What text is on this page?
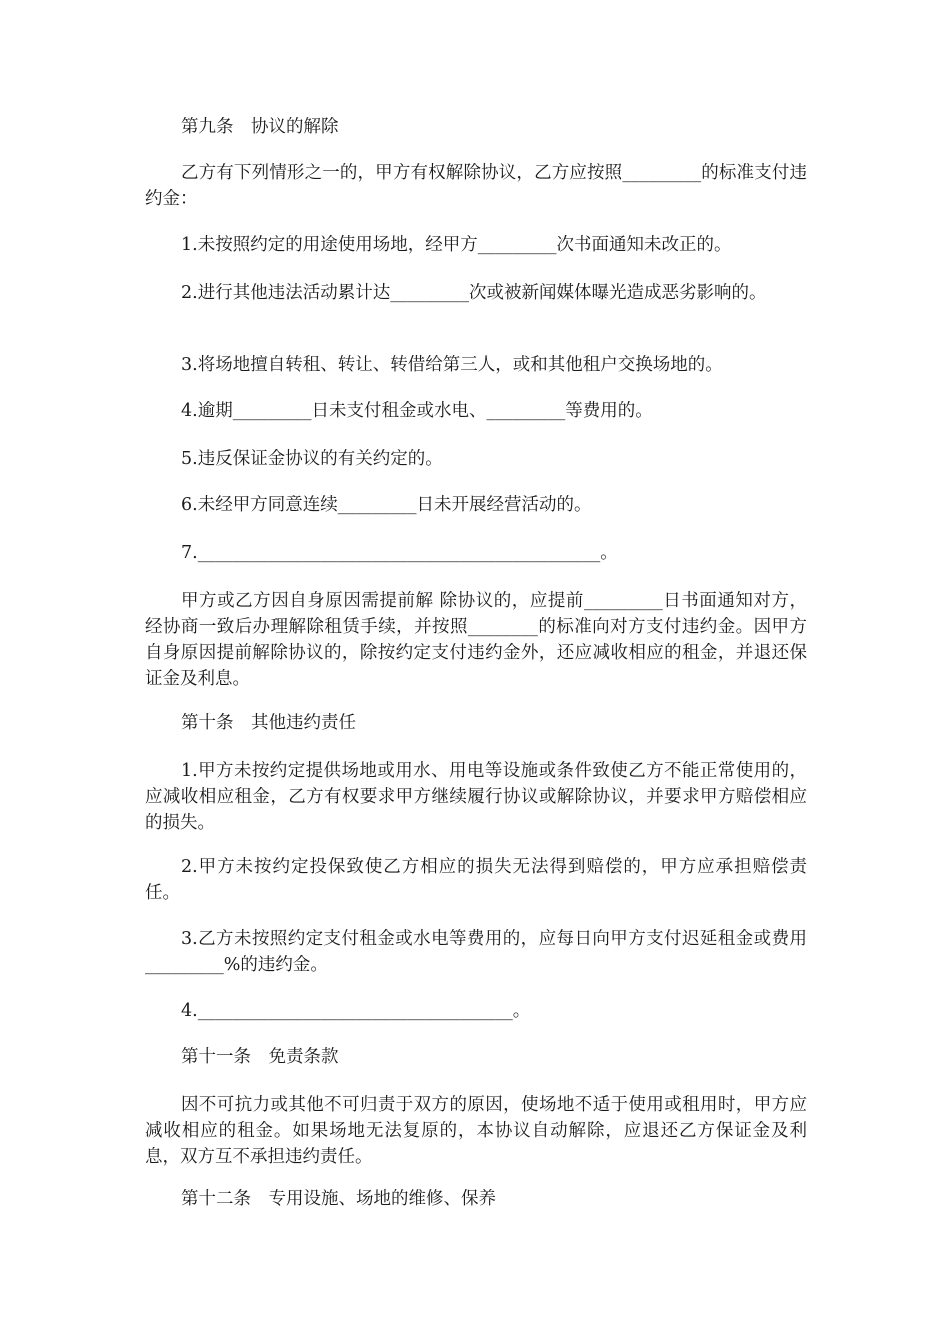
第九条　协议的解除

乙方有下列情形之一的，甲方有权解除协议，乙方应按照_________的标准支付违约金：

1.未按照约定的用途使用场地，经甲方_________次书面通知未改正的。

2.进行其他违法活动累计达_________次或被新闻媒体曝光造成恶劣影响的。

3.将场地擅自转租、转让、转借给第三人，或和其他租户交换场地的。

4.逾期_________日未支付租金或水电、_________等费用的。

5.违反保证金协议的有关约定的。

6.未经甲方同意连续_________日未开展经营活动的。

7.______________________________________________。

甲方或乙方因自身原因需提前解 除协议的，应提前_________日书面通知对方，经协商一致后办理解除租赁手续，并按照________的标准向对方支付违约金。因甲方自身原因提前解除协议的，除按约定支付违约金外，还应减收相应的租金，并退还保证金及利息。

第十条　其他违约责任

1.甲方未按约定提供场地或用水、用电等设施或条件致使乙方不能正常使用的，应减收相应租金，乙方有权要求甲方继续履行协议或解除协议，并要求甲方赔偿相应的损失。

2.甲方未按约定投保致使乙方相应的损失无法得到赔偿的，甲方应承担赔偿责任。

3.乙方未按照约定支付租金或水电等费用的，应每日向甲方支付迟延租金或费用_________%的违约金。

4.____________________________________。

第十一条　免责条款

因不可抗力或其他不可归责于双方的原因，使场地不适于使用或租用时，甲方应减收相应的租金。如果场地无法复原的，本协议自动解除，应退还乙方保证金及利息，双方互不承担违约责任。

第十二条　专用设施、场地的维修、保养
